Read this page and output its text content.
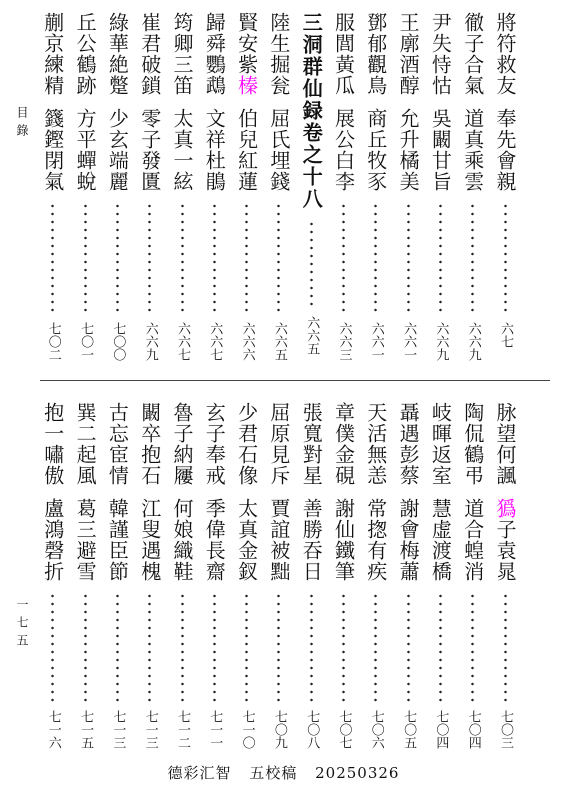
目錄
一七五
將符救友
奉先會親
六七
徹子合氣
道真乘雲
六六九
尹失恃怙
吳闞甘旨
六六九
王廓酒醇
允升橘美
六六一
鄧郁觀鳥
商丘牧豕
六六一
服閭黃瓜
展公白李
六六三
三洞群仙録卷之十八
六六五
陸生掘瓮
屈氏埋錢
六六五
賢安紫榛
伯兒紅蓮
六六六
歸舜鸚鵡
文祥杜鵑
六六七
筠卿三笛
太真一絃
六六七
崔君破鎖
零子發匱
六六九
綠華絶蹩
少玄端麗
七〇〇
丘公鶴跡
方平蟬蛻
七〇一
蒯京練精
籛鏗閉氣
七〇二
脉望何諷
㺔子袁晁
七〇三
陶侃鶴弔
道合蝗消
七〇四
岐暉返室
慧虚渡橋
七〇四
聶遇彭蔡
謝會梅蕭
七〇五
天活無恙
常揔有疾
七〇六
章僕金硯
謝仙鐵筆
七〇七
張寬對星
善勝吞日
七〇八
屈原見斥
賈誼被黜
七〇九
少君石像
太真金釵
七一〇
玄子奉戒
季偉長齋
七一一
魯子納屨
何娘織鞋
七一二
闞卒抱石
江叟遇槐
七一三
古忘宦情
韓謹臣節
七一三
巽二起風
葛三避雪
七一五
抱一嘯傲
盧鴻磬折
七一六
德彩汇智 五校稿 20250326
